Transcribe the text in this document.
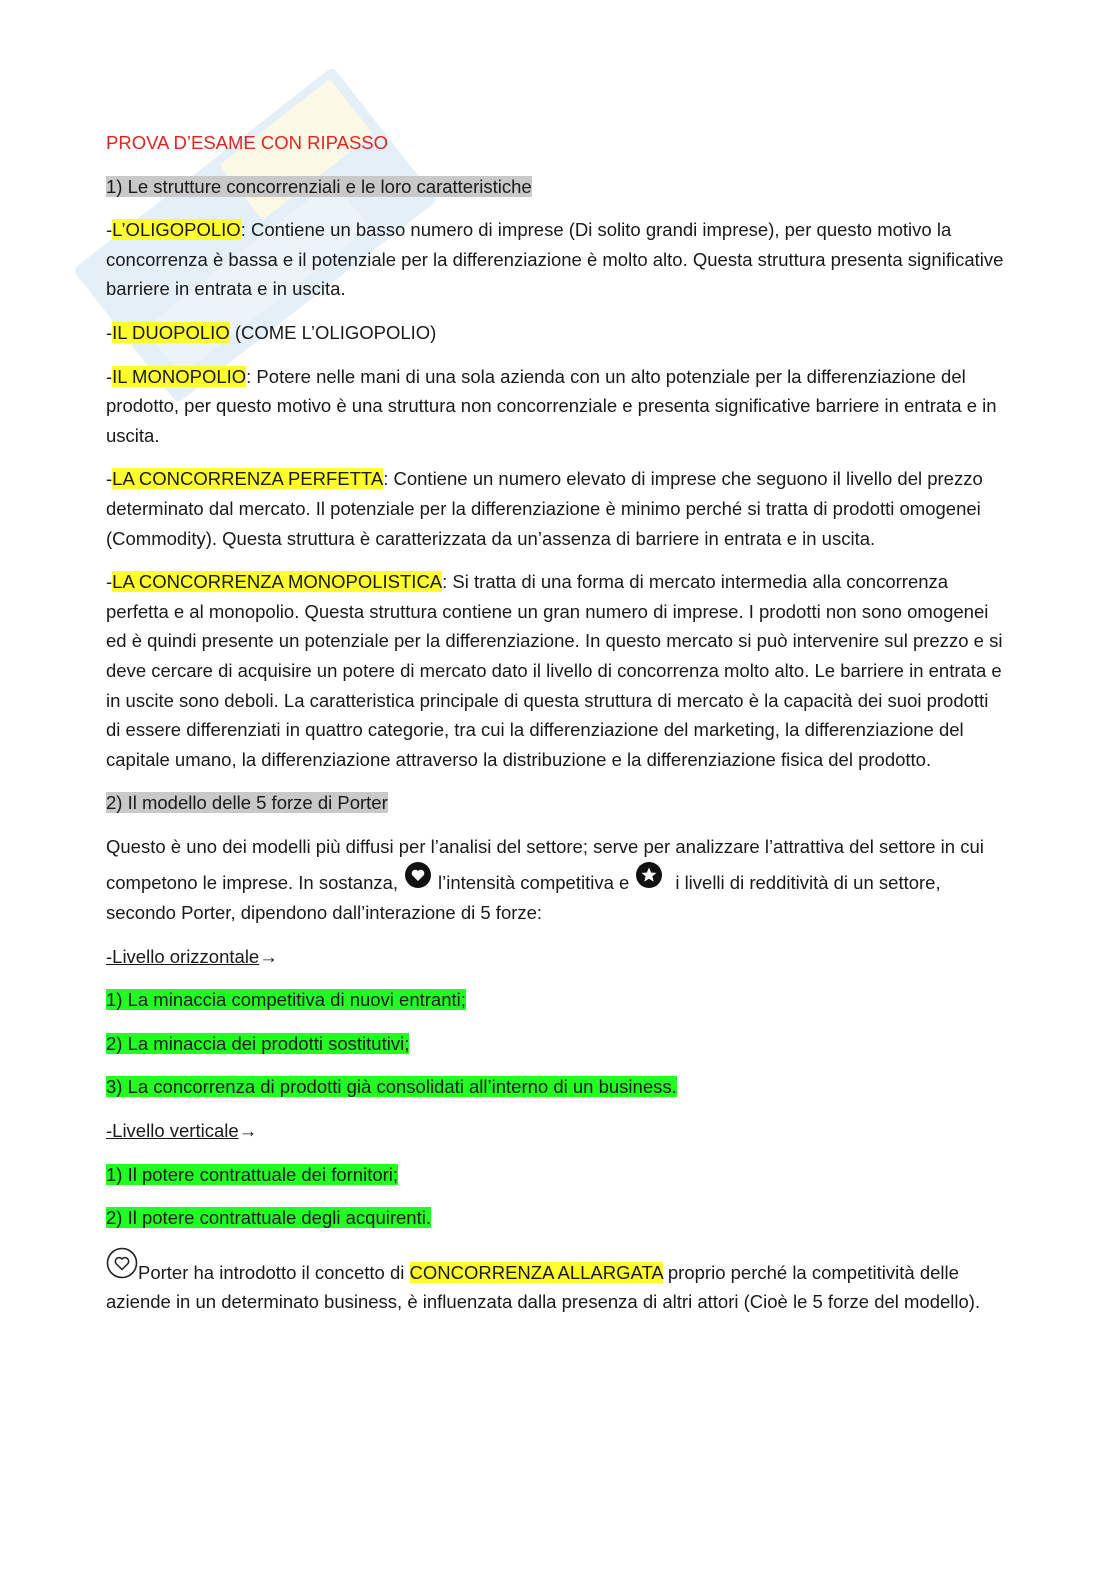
PROVA D’ESAME CON RIPASSO

1) Le strutture concorrenziali e le loro caratteristiche

-L’OLIGOPOLIO: Contiene un basso numero di imprese (Di solito grandi imprese), per questo motivo la concorrenza è bassa e il potenziale per la differenziazione è molto alto. Questa struttura presenta significative barriere in entrata e in uscita.

-IL DUOPOLIO (COME L’OLIGOPOLIO)

-IL MONOPOLIO: Potere nelle mani di una sola azienda con un alto potenziale per la differenziazione del prodotto, per questo motivo è una struttura non concorrenziale e presenta significative barriere in entrata e in uscita.

-LA CONCORRENZA PERFETTA: Contiene un numero elevato di imprese che seguono il livello del prezzo determinato dal mercato. Il potenziale per la differenziazione è minimo perché si tratta di prodotti omogenei (Commodity). Questa struttura è caratterizzata da un’assenza di barriere in entrata e in uscita.

-LA CONCORRENZA MONOPOLISTICA: Si tratta di una forma di mercato intermedia alla concorrenza perfetta e al monopolio. Questa struttura contiene un gran numero di imprese. I prodotti non sono omogenei ed è quindi presente un potenziale per la differenziazione. In questo mercato si può intervenire sul prezzo e si deve cercare di acquisire un potere di mercato dato il livello di concorrenza molto alto. Le barriere in entrata e in uscite sono deboli. La caratteristica principale di questa struttura di mercato è la capacità dei suoi prodotti di essere differenziati in quattro categorie, tra cui la differenziazione del marketing, la differenziazione del capitale umano, la differenziazione attraverso la distribuzione e la differenziazione fisica del prodotto.

2) Il modello delle 5 forze di Porter

Questo è uno dei modelli più diffusi per l’analisi del settore; serve per analizzare l’attrattiva del settore in cui competono le imprese. In sostanza, l’intensità competitiva e i livelli di redditività di un settore, secondo Porter, dipendono dall’interazione di 5 forze:

-Livello orizzontale→

1) La minaccia competitiva di nuovi entranti;

2) La minaccia dei prodotti sostitutivi;

3) La concorrenza di prodotti già consolidati all’interno di un business.

-Livello verticale→

1) Il potere contrattuale dei fornitori;

2) Il potere contrattuale degli acquirenti.

Porter ha introdotto il concetto di CONCORRENZA ALLARGATA proprio perché la competitività delle aziende in un determinato business, è influenzata dalla presenza di altri attori (Cioè le 5 forze del modello).
